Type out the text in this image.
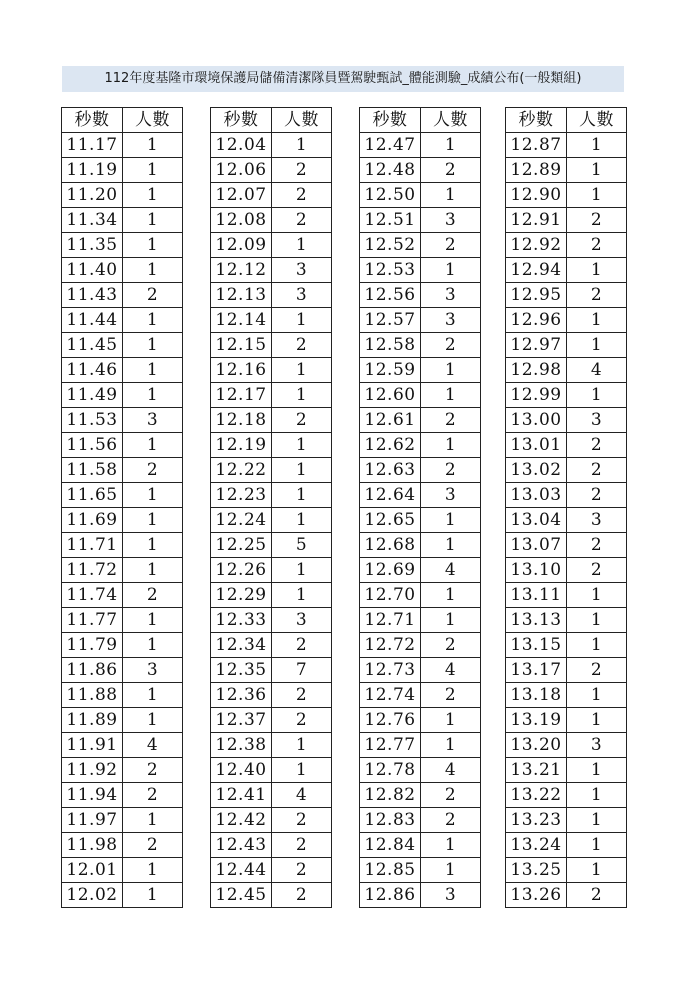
112年度基隆市環境保護局儲備清潔隊員暨駕駛甄試_體能測驗_成績公布(一般類組)
秒數	人數
11.17	1
11.19	1
11.20	1
11.34	1
11.35	1
11.40	1
11.43	2
11.44	1
11.45	1
11.46	1
11.49	1
11.53	3
11.56	1
11.58	2
11.65	1
11.69	1
11.71	1
11.72	1
11.74	2
11.77	1
11.79	1
11.86	3
11.88	1
11.89	1
11.91	4
11.92	2
11.94	2
11.97	1
11.98	2
12.01	1
12.02	1
秒數	人數
12.04	1
12.06	2
12.07	2
12.08	2
12.09	1
12.12	3
12.13	3
12.14	1
12.15	2
12.16	1
12.17	1
12.18	2
12.19	1
12.22	1
12.23	1
12.24	1
12.25	5
12.26	1
12.29	1
12.33	3
12.34	2
12.35	7
12.36	2
12.37	2
12.38	1
12.40	1
12.41	4
12.42	2
12.43	2
12.44	2
12.45	2
秒數	人數
12.47	1
12.48	2
12.50	1
12.51	3
12.52	2
12.53	1
12.56	3
12.57	3
12.58	2
12.59	1
12.60	1
12.61	2
12.62	1
12.63	2
12.64	3
12.65	1
12.68	1
12.69	4
12.70	1
12.71	1
12.72	2
12.73	4
12.74	2
12.76	1
12.77	1
12.78	4
12.82	2
12.83	2
12.84	1
12.85	1
12.86	3
秒數	人數
12.87	1
12.89	1
12.90	1
12.91	2
12.92	2
12.94	1
12.95	2
12.96	1
12.97	1
12.98	4
12.99	1
13.00	3
13.01	2
13.02	2
13.03	2
13.04	3
13.07	2
13.10	2
13.11	1
13.13	1
13.15	1
13.17	2
13.18	1
13.19	1
13.20	3
13.21	1
13.22	1
13.23	1
13.24	1
13.25	1
13.26	2
